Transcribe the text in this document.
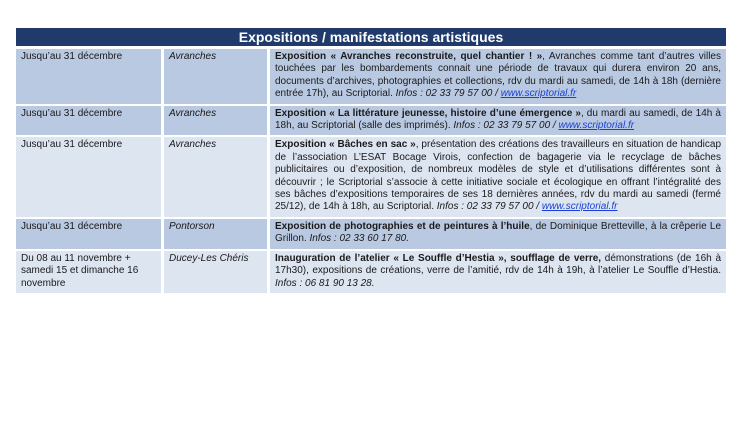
Expositions / manifestations artistiques
Jusqu’au 31 décembre	Avranches	Exposition « Avranches reconstruite, quel chantier ! », Avranches comme tant d’autres villes touchées par les bombardements connait une période de travaux qui durera environ 20 ans, documents d’archives, photographies et collections, rdv du mardi au samedi, de 14h à 18h (dernière entrée 17h), au Scriptorial. Infos : 02 33 79 57 00 / www.scriptorial.fr
Jusqu’au 31 décembre	Avranches	Exposition « La littérature jeunesse, histoire d’une émergence », du mardi au samedi, de 14h à 18h, au Scriptorial (salle des imprimés). Infos : 02 33 79 57 00 / www.scriptorial.fr
Jusqu’au 31 décembre	Avranches	Exposition « Bâches en sac », présentation des créations des travailleurs en situation de handicap de l’association L’ESAT Bocage Virois, confection de bagagerie via le recyclage de bâches publicitaires ou d’exposition, de nombreux modèles de style et d’utilisations différentes sont à découvrir ; le Scriptorial s’associe à cette initiative sociale et écologique en offrant l’intégralité des ses bâches d’expositions temporaires de ses 18 dernières années, rdv du mardi au samedi (fermé 25/12), de 14h à 18h, au Scriptorial. Infos : 02 33 79 57 00 / www.scriptorial.fr
Jusqu’au 31 décembre	Pontorson	Exposition de photographies et de peintures à l’huile, de Dominique Bretteville, à la crêperie Le Grillon. Infos : 02 33 60 17 80.
Du 08 au 11 novembre + samedi 15 et dimanche 16 novembre	Ducey-Les Chéris	Inauguration de l’atelier « Le Souffle d’Hestia », soufflage de verre, démonstrations (de 16h à 17h30), expositions de créations, verre de l’amitié, rdv de 14h à 19h, à l’atelier Le Souffle d’Hestia. Infos : 06 81 90 13 28.
